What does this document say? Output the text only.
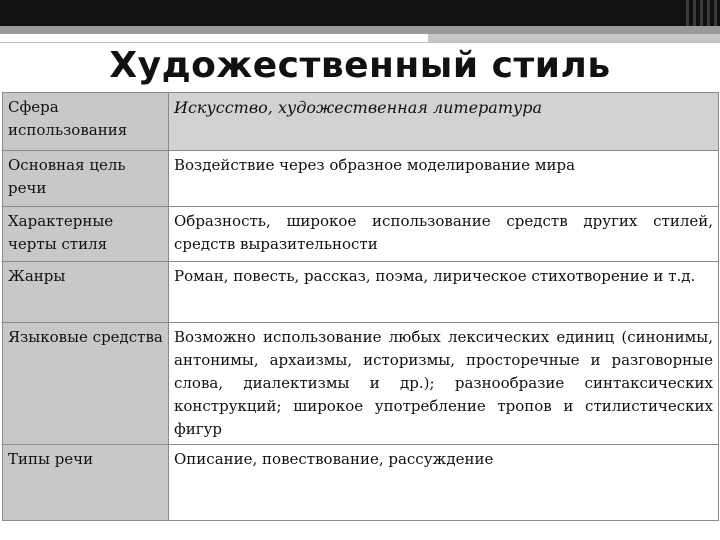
Художественный стиль
Сфера использования	Искусство, художественная литература
Основная цель речи	Воздействие через образное моделирование мира
Характерные черты стиля	Образность, широкое использование средств других стилей, средств выразительности
Жанры	Роман, повесть, рассказ, поэма, лирическое стихотворение и т.д.
Языковые средства	Возможно использование любых лексических единиц (синонимы, антонимы, архаизмы, историзмы, просторечные и разговорные слова, диалектизмы и др.); разнообразие синтаксических конструкций; широкое употребление тропов и стилистических фигур
Типы речи	Описание, повествование, рассуждение
